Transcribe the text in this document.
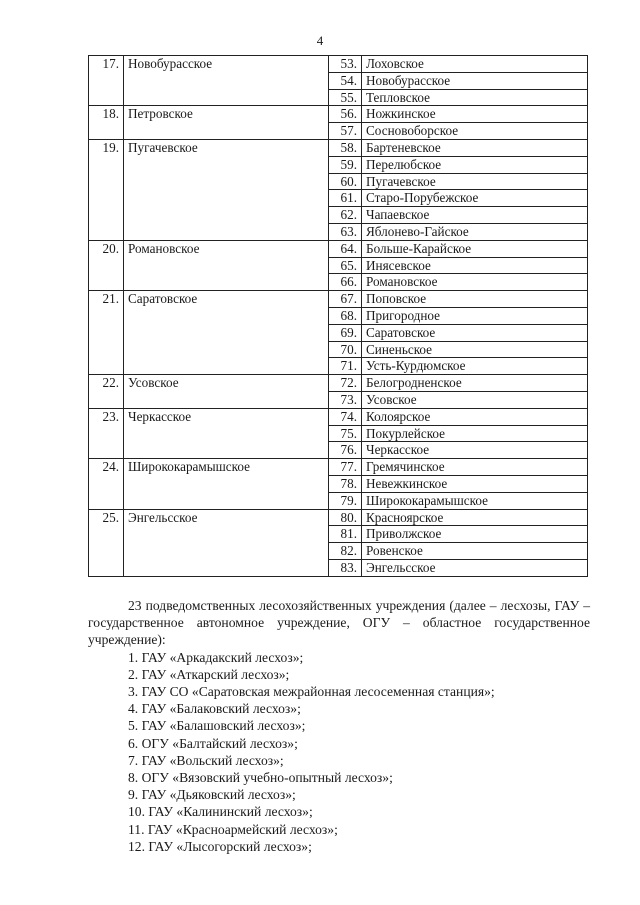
4
17.	Новобурасское	53.	Лоховское
		54.	Новобурасское
		55.	Тепловское
18.	Петровское	56.	Ножкинское
		57.	Сосновоборское
19.	Пугачевское	58.	Бартеневское
		59.	Перелюбское
		60.	Пугачевское
		61.	Старо-Порубежское
		62.	Чапаевское
		63.	Яблонево-Гайское
20.	Романовское	64.	Больше-Карайское
		65.	Инясевское
		66.	Романовское
21.	Саратовское	67.	Поповское
		68.	Пригородное
		69.	Саратовское
		70.	Синеньское
		71.	Усть-Курдюмское
22.	Усовское	72.	Белогродненское
		73.	Усовское
23.	Черкасское	74.	Колоярское
		75.	Покурлейское
		76.	Черкасское
24.	Ширококарамышское	77.	Гремячинское
		78.	Невежкинское
		79.	Ширококарамышское
25.	Энгельсское	80.	Красноярское
		81.	Приволжское
		82.	Ровенское
		83.	Энгельсское

23 подведомственных лесохозяйственных учреждения (далее – лесхозы, ГАУ – государственное автономное учреждение, ОГУ – областное государственное учреждение):

1. ГАУ «Аркадакский лесхоз»;
2. ГАУ «Аткарский лесхоз»;
3. ГАУ СО «Саратовская межрайонная лесосеменная станция»;
4. ГАУ «Балаковский лесхоз»;
5. ГАУ «Балашовский лесхоз»;
6. ОГУ «Балтайский лесхоз»;
7. ГАУ «Вольский лесхоз»;
8. ОГУ «Вязовский учебно-опытный лесхоз»;
9. ГАУ «Дьяковский лесхоз»;
10. ГАУ «Калининский лесхоз»;
11. ГАУ «Красноармейский лесхоз»;
12. ГАУ «Лысогорский лесхоз»;
